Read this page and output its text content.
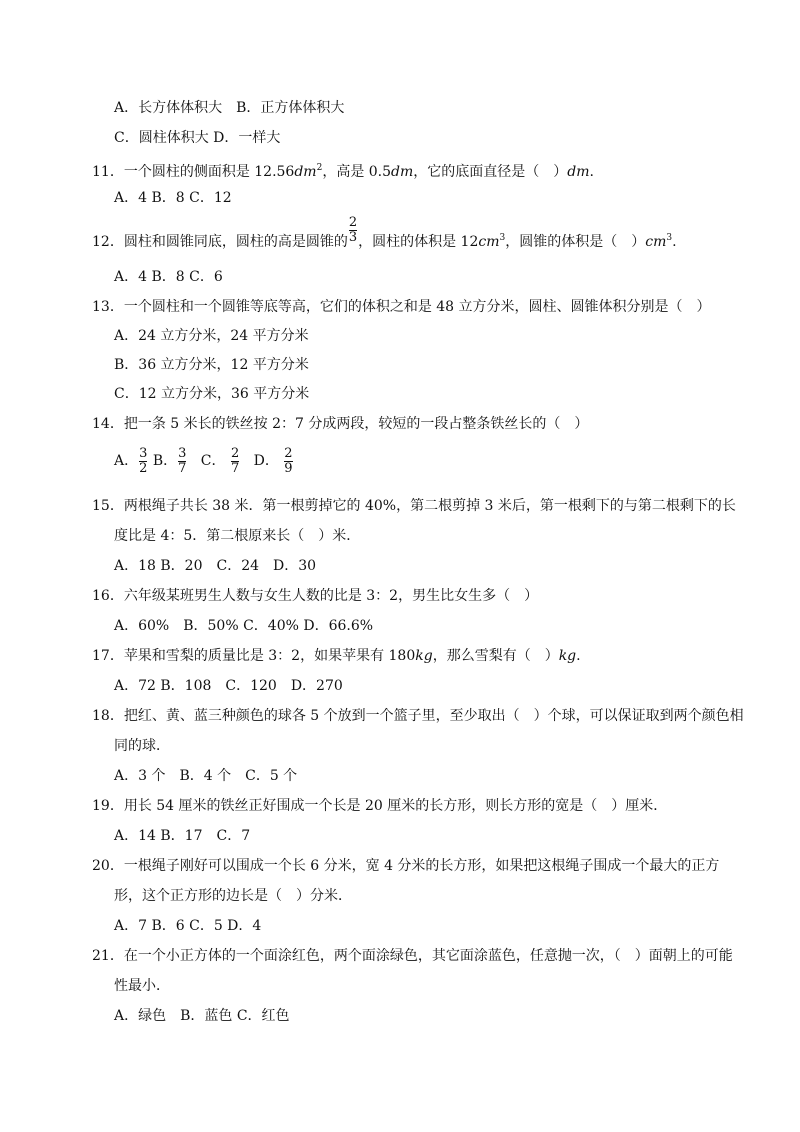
A．长方体体积大　B．正方体体积大
C．圆柱体积大 D．一样大
11．一个圆柱的侧面积是 $12.56dm^2$，高是 0.5dm，它的底面直径是（　）dm.
A．4 B．8 C．12
12．圆柱和圆锥同底，圆柱的高是圆锥的 $\frac{2}{3}$ ，圆柱的体积是 $12cm^3$，圆锥的体积是（　）$cm^3$.
A．4 B．8 C．6
13．一个圆柱和一个圆锥等底等高，它们的体积之和是 48 立方分米，圆柱、圆锥体积分别是（　）
A．24 立方分米，24 平方分米
B．36 立方分米，12 平方分米
C．12 立方分米，36 平方分米
14．把一条 5 米长的铁丝按 2：7 分成两段，较短的一段占整条铁丝长的（　）
A． $\frac{3}{2}$ B． $\frac{3}{7}$ C． $\frac{2}{7}$ D． $\frac{2}{9}$
15．两根绳子共长 38 米．第一根剪掉它的 40%，第二根剪掉 3 米后，第一根剩下的与第二根剩下的长
度比是 4：5．第二根原来长（　）米．
A．18 B．20　C．24　D．30
16．六年级某班男生人数与女生人数的比是 3：2，男生比女生多（　）
A．60%　B．50% C．40% D．66.6%
17．苹果和雪梨的质量比是 3：2，如果苹果有 180kg，那么雪梨有（　）kg.
A．72 B．108　C．120　D．270
18．把红、黄、蓝三种颜色的球各 5 个放到一个篮子里，至少取出（　）个球，可以保证取到两个颜色相
同的球．
A．3 个　B．4 个　C．5 个
19．用长 54 厘米的铁丝正好围成一个长是 20 厘米的长方形，则长方形的宽是（　）厘米．
A．14 B．17　C．7
20．一根绳子刚好可以围成一个长 6 分米，宽 4 分米的长方形，如果把这根绳子围成一个最大的正方
形，这个正方形的边长是（　）分米．
A．7 B．6 C．5 D．4
21．在一个小正方体的一个面涂红色，两个面涂绿色，其它面涂蓝色，任意抛一次，（　）面朝上的可能
性最小．
A．绿色　B．蓝色 C．红色
